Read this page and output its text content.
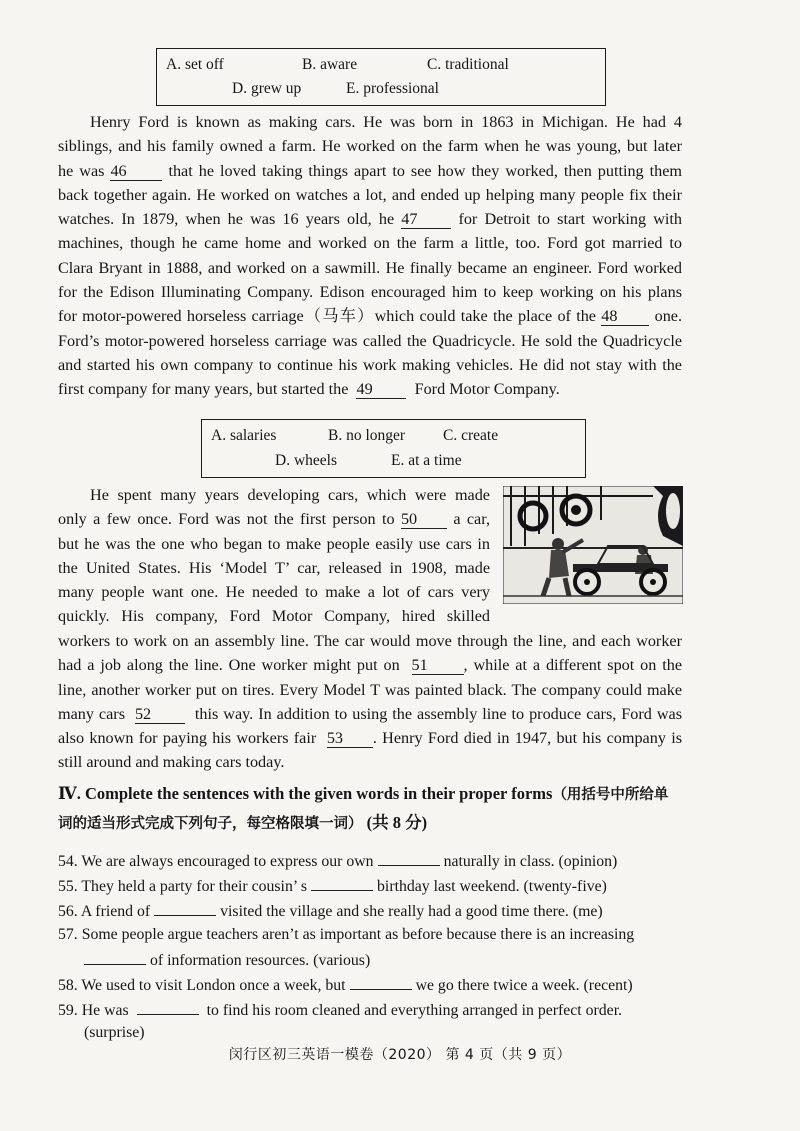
A. set off	B. aware	C. traditional
D. grew up	E. professional
Henry Ford is known as making cars. He was born in 1863 in Michigan. He had 4
siblings, and his family owned a farm. He worked on the farm when he was young, but later
he was 46	that he loved taking things apart to see how they worked, then putting them
back together again. He worked on watches a lot, and ended up helping many people fix their
watches. In 1879, when he was 16 years old, he 47	for Detroit to start working with
machines, though he came home and worked on the farm a little, too. Ford got married to
Clara Bryant in 1888, and worked on a sawmill. He finally became an engineer. Ford worked
for the Edison Illuminating Company. Edison encouraged him to keep working on his plans
for motor-powered horseless carriage（马车）which could take the place of the 48 one.
Ford’s motor-powered horseless carriage was called the Quadricycle. He sold the Quadricycle
and started his own company to continue his work making vehicles. He did not stay with the
first company for many years, but started the 49	Ford Motor Company.
A. salaries	B. no longer C. create
D. wheels	E. at a time
He spent many years developing cars, which were made
only a few once. Ford was not the first person to 50 a car,
but he was the one who began to make people easily use cars in
the United States. His ‘Model T’ car, released in 1908, made
many people want one. He needed to make a lot of cars very
quickly. His company, Ford Motor Company, hired skilled
workers to work on an assembly line. The car would move through the line, and each worker
had a job along the line. One worker might put on 51 , while at a different spot on the
line, another worker put on tires. Every Model T was painted black. The company could make
many cars 52	this way. In addition to using the assembly line to produce cars, Ford was
also known for paying his workers fair 53 . Henry Ford died in 1947, but his company is
still around and making cars today.
Ⅳ. Complete the sentences with the given words in their proper forms（用括号中所给单
词的适当形式完成下列句子，每空格限填一词） (共 8 分)
54. We are always encouraged to express our own	naturally in class. (opinion)
55. They held a party for their cousin’ s	birthday last weekend. (twenty-five)
56. A friend of	visited the village and she really had a good time there. (me)
57. Some people argue teachers aren’t as important as before because there is an increasing
of information resources. (various)
58. We used to visit London once a week, but	we go there twice a week. (recent)
59. He was	to find his room cleaned and everything arranged in perfect order.
(surprise)
闵行区初三英语一模卷（2020） 第 4 页（共 9 页）
